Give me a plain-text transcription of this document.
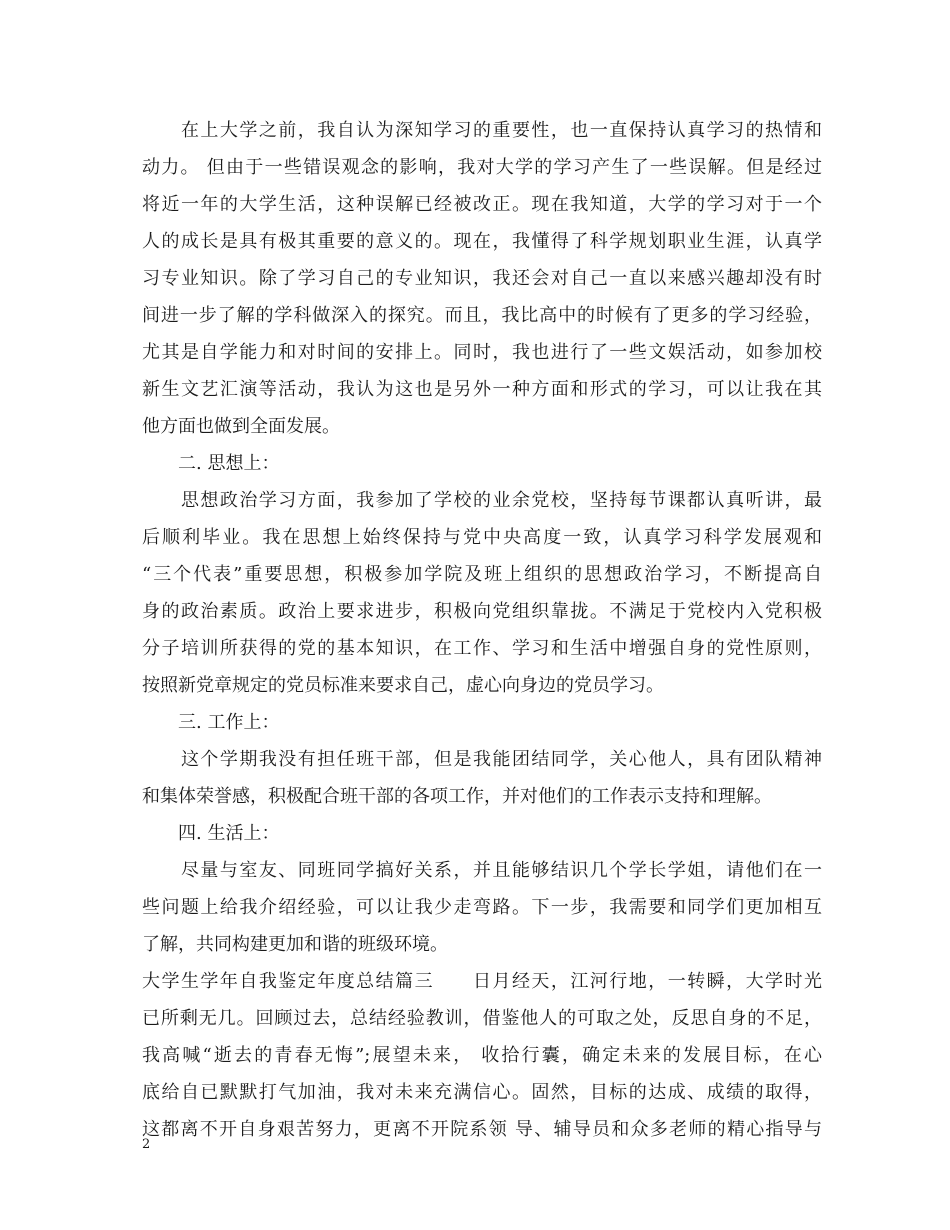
　　在上大学之前，我自认为深知学习的重要性，也一直保持认真学习的热情和
动力。 但由于一些错误观念的影响，我对大学的学习产生了一些误解。但是经过
将近一年的大学生活，这种误解已经被改正。现在我知道，大学的学习对于一个
人的成长是具有极其重要的意义的。现在，我懂得了科学规划职业生涯，认真学
习专业知识。除了学习自己的专业知识，我还会对自己一直以来感兴趣却没有时
间进一步了解的学科做深入的探究。而且，我比高中的时候有了更多的学习经验，
尤其是自学能力和对时间的安排上。同时，我也进行了一些文娱活动，如参加校
新生文艺汇演等活动，我认为这也是另外一种方面和形式的学习，可以让我在其
他方面也做到全面发展。
　　二. 思想上：
　　思想政治学习方面，我参加了学校的业余党校，坚持每节课都认真听讲，最
后顺利毕业。我在思想上始终保持与党中央高度一致，认真学习科学发展观和
“三个代表”重要思想，积极参加学院及班上组织的思想政治学习，不断提高自
身的政治素质。政治上要求进步，积极向党组织靠拢。不满足于党校内入党积极
分子培训所获得的党的基本知识，在工作、学习和生活中增强自身的党性原则，
按照新党章规定的党员标准来要求自己，虚心向身边的党员学习。
　　三. 工作上：
　　这个学期我没有担任班干部，但是我能团结同学，关心他人，具有团队精神
和集体荣誉感，积极配合班干部的各项工作，并对他们的工作表示支持和理解。
　　四. 生活上：
　　尽量与室友、同班同学搞好关系，并且能够结识几个学长学姐，请他们在一
些问题上给我介绍经验，可以让我少走弯路。下一步，我需要和同学们更加相互
了解，共同构建更加和谐的班级环境。
大学生学年自我鉴定年度总结篇三　　日月经天，江河行地，一转瞬，大学时光
已所剩无几。回顾过去，总结经验教训，借鉴他人的可取之处，反思自身的不足，
我高喊“逝去的青春无悔”;展望未来， 收拾行囊，确定未来的发展目标，在心
底给自已默默打气加油，我对未来充满信心。固然，目标的达成、成绩的取得，
这都离不开自身艰苦努力，更离不开院系领 导、辅导员和众多老师的精心指导与
2
